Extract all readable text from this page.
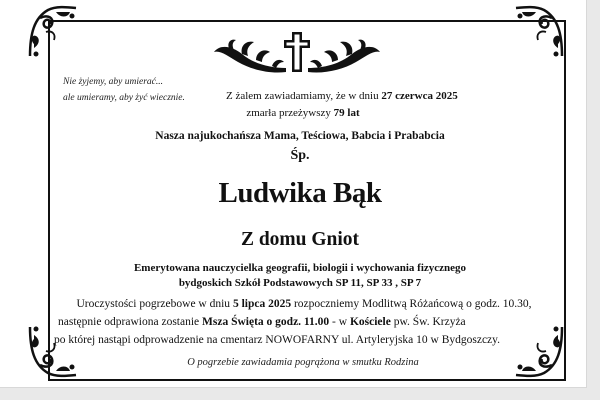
Nie żyjemy, aby umierać...
ale umieramy, aby żyć wiecznie.	Z żalem zawiadamiamy, że w dniu 27 czerwca 2025
zmarła przeżywszy 79 lat
Nasza najukochańsza Mama, Teściowa, Babcia i Prababcia
Śp.
Ludwika Bąk
Z domu Gniot
Emerytowana nauczycielka geografii, biologii i wychowania fizycznego
bydgoskich Szkół Podstawowych SP 11, SP 33 , SP 7
Uroczystości pogrzebowe w dniu 5 lipca 2025 rozpoczniemy Modlitwą Różańcową o godz. 10.30,
następnie odprawiona zostanie Msza Święta o godz. 11.00 - w Kościele pw. Św. Krzyża
po której nastąpi odprowadzenie na cmentarz NOWOFARNY ul. Artyleryjska 10 w Bydgoszczy.
O pogrzebie zawiadamia pogrążona w smutku Rodzina
